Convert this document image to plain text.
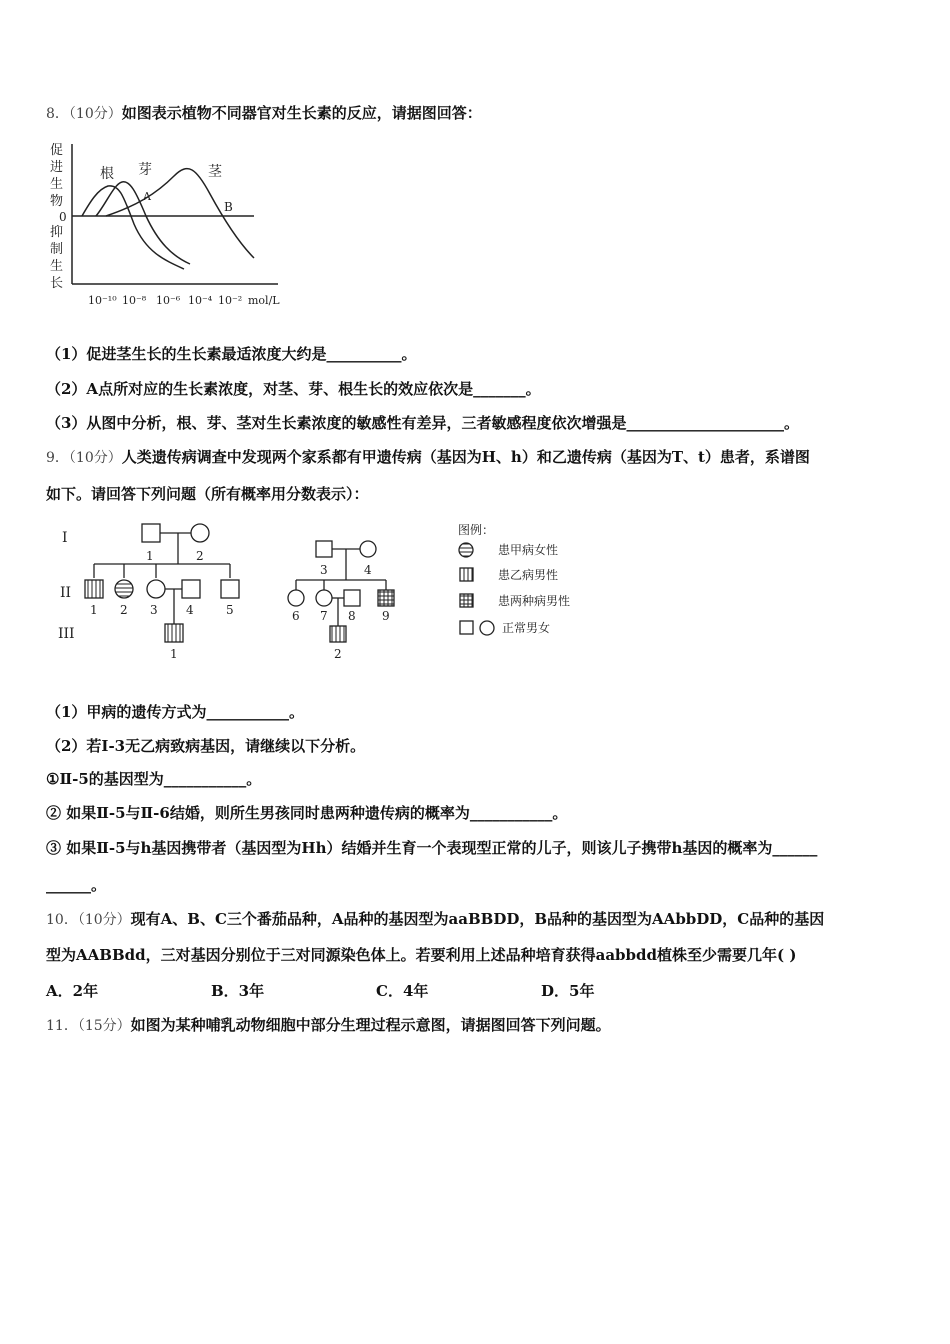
8．（10分）如图表示植物不同器官对生长素的反应，请据图回答：
促
进
生
物
0
抑
制
生
长
根 芽	茎
A
B
10⁻¹⁰ 10⁻⁸ 10⁻⁶ 10⁻⁴ 10⁻² mol/L
（1）促进茎生长的生长素最适浓度大约是__________。
（2）A点所对应的生长素浓度，对茎、芽、根生长的效应依次是_______。
（3）从图中分析，根、芽、茎对生长素浓度的敏感性有差异，三者敏感程度依次增强是_____________________。
9．（10分）人类遗传病调查中发现两个家系都有甲遗传病（基因为H、h）和乙遗传病（基因为T、t）患者，系谱图
如下。请回答下列问题（所有概率用分数表示）：
I
II
III
1	2
1 2 3 4	5
1
3	4
6 7 8 9
2
图例：
患甲病女性
患乙病男性
患两种病男性
正常男女
（1）甲病的遗传方式为___________。
（2）若I-3无乙病致病基因，请继续以下分析。
①Ⅱ-5的基因型为___________。
② 如果Ⅱ-5与Ⅱ-6结婚，则所生男孩同时患两种遗传病的概率为___________。
③ 如果Ⅱ-5与h基因携带者（基因型为Hh）结婚并生育一个表现型正常的儿子，则该儿子携带h基因的概率为______
______。
10．（10分）现有A、B、C三个番茄品种，A品种的基因型为aaBBDD，B品种的基因型为AAbbDD，C品种的基因
型为AABBdd，三对基因分别位于三对同源染色体上。若要利用上述品种培育获得aabbdd植株至少需要几年( )
A．2年	B．3年	C．4年	D．5年
11．（15分）如图为某种哺乳动物细胞中部分生理过程示意图，请据图回答下列问题。
